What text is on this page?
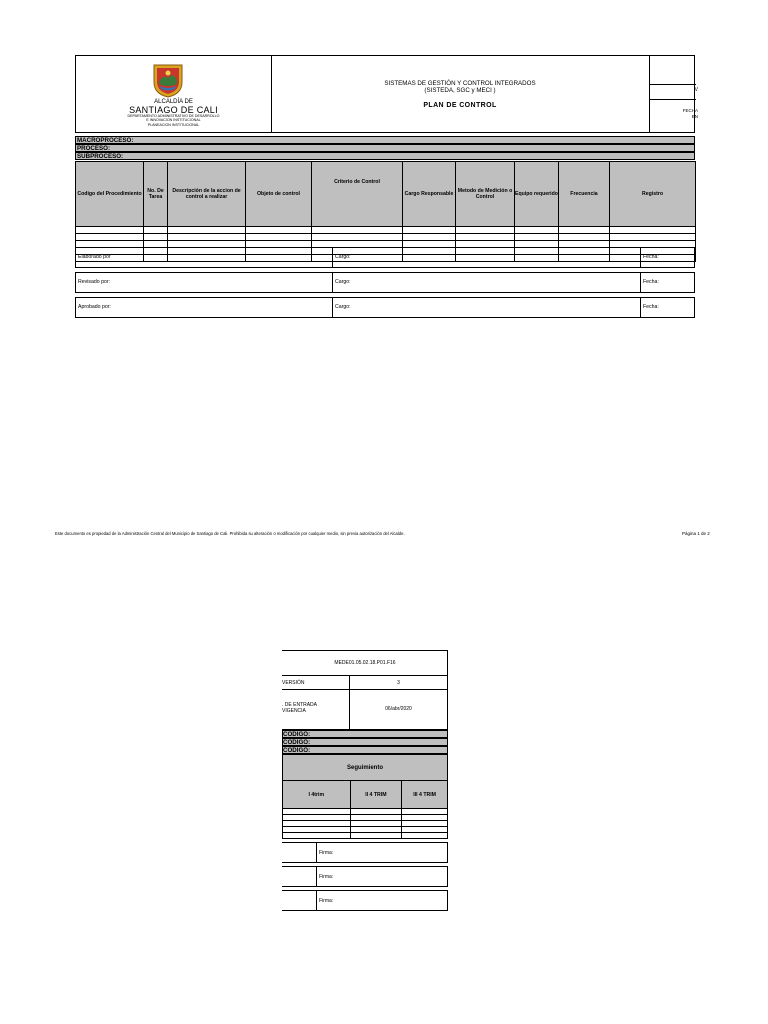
ALCALDÍA DE
SANTIAGO DE CALI
DEPARTAMENTO ADMINISTRATIVO DE DESARROLLO
E INNOVACION INSTITUCIONAL
PLANEACION INSTITUCIONAL
SISTEMAS DE GESTIÓN Y CONTROL INTEGRADOS
(SISTEDA, SGC y MECI )
PLAN DE CONTROL
V
FECHA
EN
MACROPROCESO:
PROCESO:
SUBPROCESO:
Codigo del Procedimiento	No. De Tarea	Descripción de la accion de control a realizar	Objeto de control	Criterio de Control	Cargo Responsable	Metodo de Medición o Control	Equipo requerido	Frecuencia	Registro

Elaborado por	Cargo:	Fecha:
Revisado por:	Cargo:	Fecha:
Aprobado por:	Cargo:	Fecha:
Este documento es propiedad de la Administración Central del Municipio de Santiago de Cali. Prohibida su alteración o modificación por cualquier medio, sin previa autorización del Alcalde.	Página 1 de 2
MEDE01.05.02.18.P01.F16
VERSIÓN	3
. DE ENTRADA
VIGENCIA	06/abr/2020
CODIGO:
CODIGO:
CODIGO:
Seguimiento		
I 4trim	II 4 TRIM	III 4 TRIM

Firma:
Firma:
Firma:
